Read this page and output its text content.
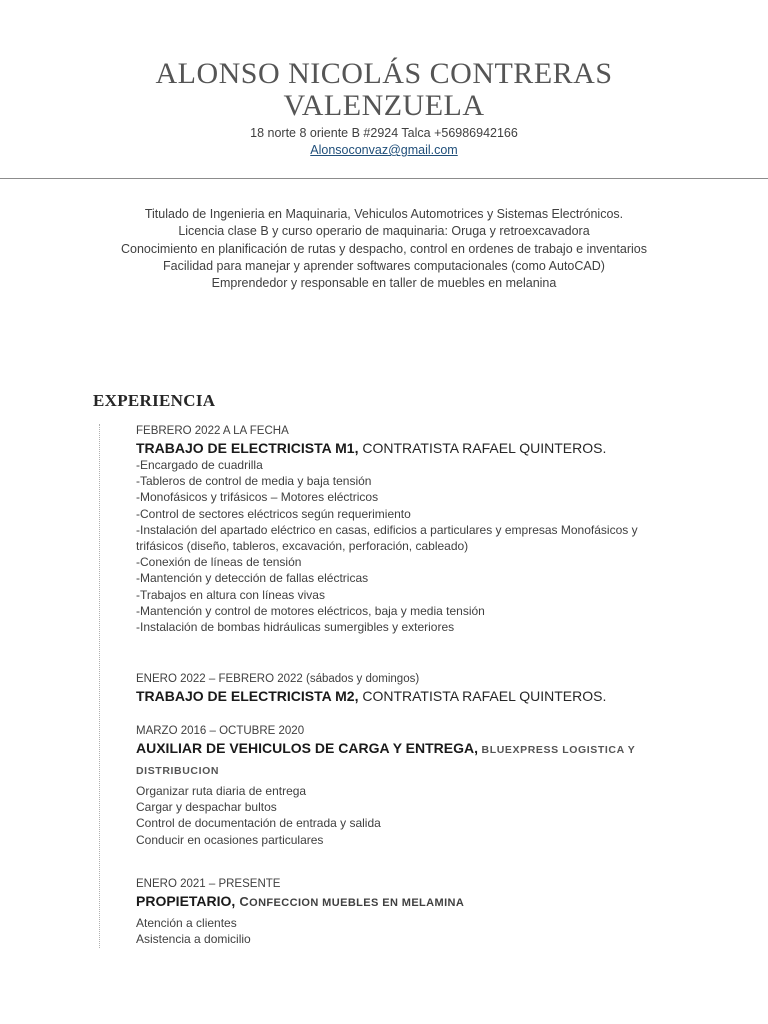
ALONSO NICOLÁS CONTRERAS
VALENZUELA
18 norte 8 oriente B #2924 Talca +56986942166
Alonsoconvaz@gmail.com
Titulado de Ingenieria en Maquinaria, Vehiculos Automotrices y Sistemas Electrónicos.
Licencia clase B y curso operario de maquinaria: Oruga y retroexcavadora
Conocimiento en planificación de rutas y despacho, control en ordenes de trabajo e inventarios
Facilidad para manejar y aprender softwares computacionales (como AutoCAD)
Emprendedor y responsable en taller de muebles en melanina
EXPERIENCIA
FEBRERO 2022 A LA FECHA
TRABAJO DE ELECTRICISTA M1, CONTRATISTA RAFAEL QUINTEROS.
-Encargado de cuadrilla
-Tableros de control de media y baja tensión
-Monofásicos y trifásicos – Motores eléctricos
-Control de sectores eléctricos según requerimiento
-Instalación del apartado eléctrico en casas, edificios a particulares y empresas Monofásicos y trifásicos (diseño, tableros, excavación, perforación, cableado)
-Conexión de líneas de tensión
-Mantención y detección de fallas eléctricas
-Trabajos en altura con líneas vivas
-Mantención y control de motores eléctricos, baja y media tensión
-Instalación de bombas hidráulicas sumergibles y exteriores
ENERO 2022 – FEBRERO 2022 (sábados y domingos)
TRABAJO DE ELECTRICISTA M2, CONTRATISTA RAFAEL QUINTEROS.
MARZO 2016 – OCTUBRE 2020
AUXILIAR DE VEHICULOS DE CARGA Y ENTREGA, BLUEXPRESS LOGISTICA Y
DISTRIBUCION
Organizar ruta diaria de entrega
Cargar y despachar bultos
Control de documentación de entrada y salida
Conducir en ocasiones particulares
ENERO 2021 – PRESENTE
PROPIETARIO, CONFECCION MUEBLES EN MELAMINA
Atención a clientes
Asistencia a domicilio
